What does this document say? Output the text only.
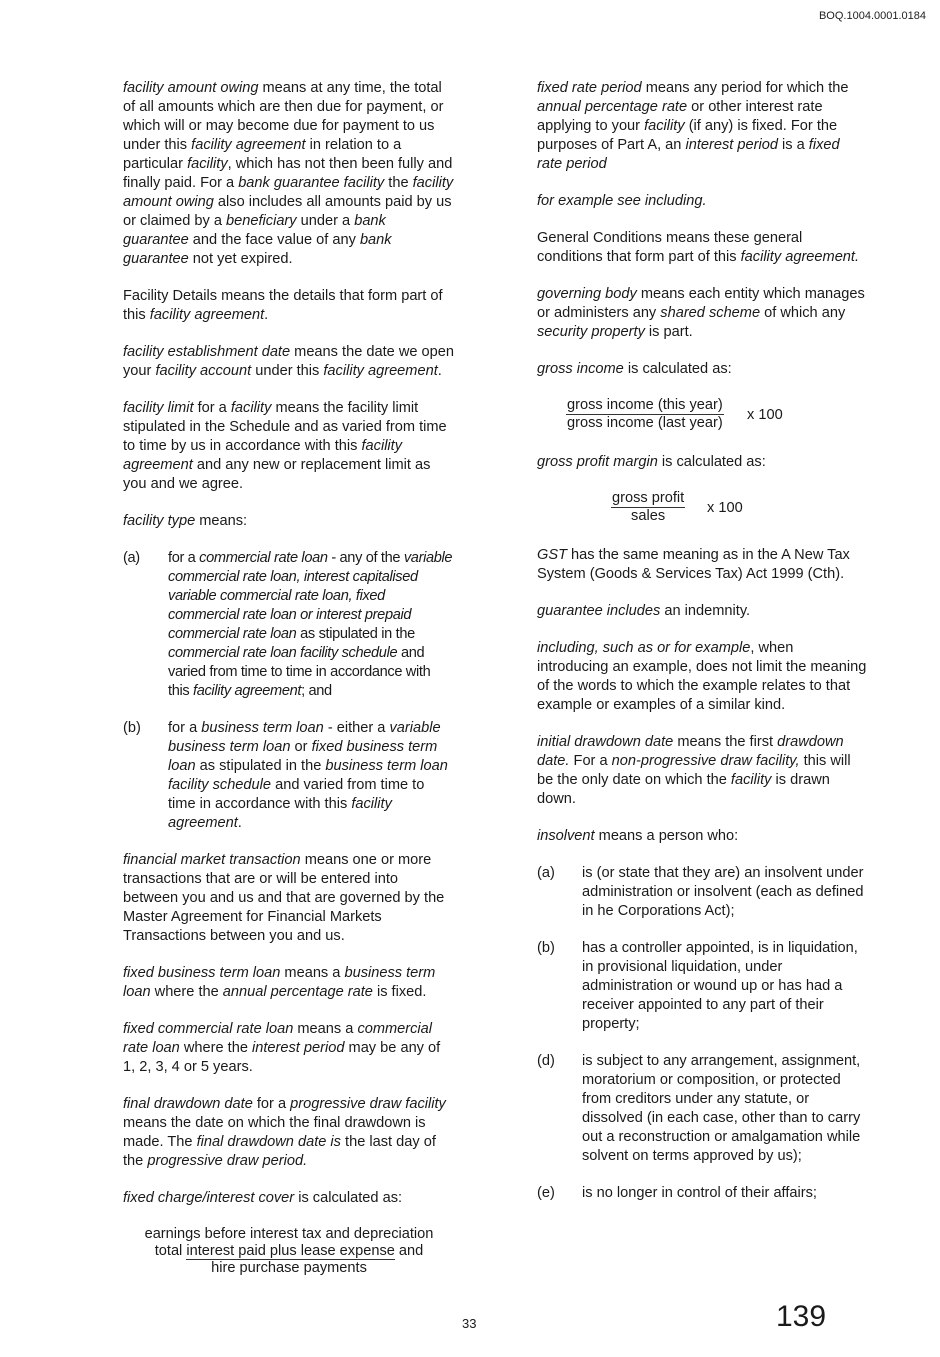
BOQ.1004.0001.0184

facility amount owing means at any time, the total of all amounts which are then due for payment, or which will or may become due for payment to us under this facility agreement in relation to a particular facility, which has not then been fully and finally paid. For a bank guarantee facility the facility amount owing also includes all amounts paid by us or claimed by a beneficiary under a bank guarantee and the face value of any bank guarantee not yet expired.

Facility Details means the details that form part of this facility agreement.

facility establishment date means the date we open your facility account under this facility agreement.

facility limit for a facility means the facility limit stipulated in the Schedule and as varied from time to time by us in accordance with this facility agreement and any new or replacement limit as you and we agree.

facility type means:

(a) for a commercial rate loan - any of the variable commercial rate loan, interest capitalised variable commercial rate loan, fixed commercial rate loan or interest prepaid commercial rate loan as stipulated in the commercial rate loan facility schedule and varied from time to time in accordance with this facility agreement; and
(b) for a business term loan - either a variable business term loan or fixed business term loan as stipulated in the business term loan facility schedule and varied from time to time in accordance with this facility agreement.

financial market transaction means one or more transactions that are or will be entered into between you and us and that are governed by the Master Agreement for Financial Markets Transactions between you and us.

fixed business term loan means a business term loan where the annual percentage rate is fixed.

fixed commercial rate loan means a commercial rate loan where the interest period may be any of 1, 2, 3, 4 or 5 years.

final drawdown date for a progressive draw facility means the date on which the final drawdown is made. The final drawdown date is the last day of the progressive draw period.

fixed charge/interest cover is calculated as:

earnings before interest tax and depreciation
total interest paid plus lease expense and
hire purchase payments

fixed rate period means any period for which the annual percentage rate or other interest rate applying to your facility (if any) is fixed. For the purposes of Part A, an interest period is a fixed rate period

for example see including.

General Conditions means these general conditions that form part of this facility agreement.

governing body means each entity which manages or administers any shared scheme of which any security property is part.

gross income is calculated as:

gross income (this year)
gross income (last year) x 100

gross profit margin is calculated as:

gross profit
sales	x 100

GST has the same meaning as in the A New Tax System (Goods & Services Tax) Act 1999 (Cth).

guarantee includes an indemnity.

including, such as or for example, when introducing an example, does not limit the meaning of the words to which the example relates to that example or examples of a similar kind.

initial drawdown date means the first drawdown date. For a non-progressive draw facility, this will be the only date on which the facility is drawn down.

insolvent means a person who:

(a) is (or state that they are) an insolvent under administration or insolvent (each as defined in he Corporations Act);
(b) has a controller appointed, is in liquidation, in provisional liquidation, under administration or wound up or has had a receiver appointed to any part of their property;
(d) is subject to any arrangement, assignment, moratorium or composition, or protected from creditors under any statute, or dissolved (in each case, other than to carry out a reconstruction or amalgamation while solvent on terms approved by us);
(e) is no longer in control of their affairs;
33	139
